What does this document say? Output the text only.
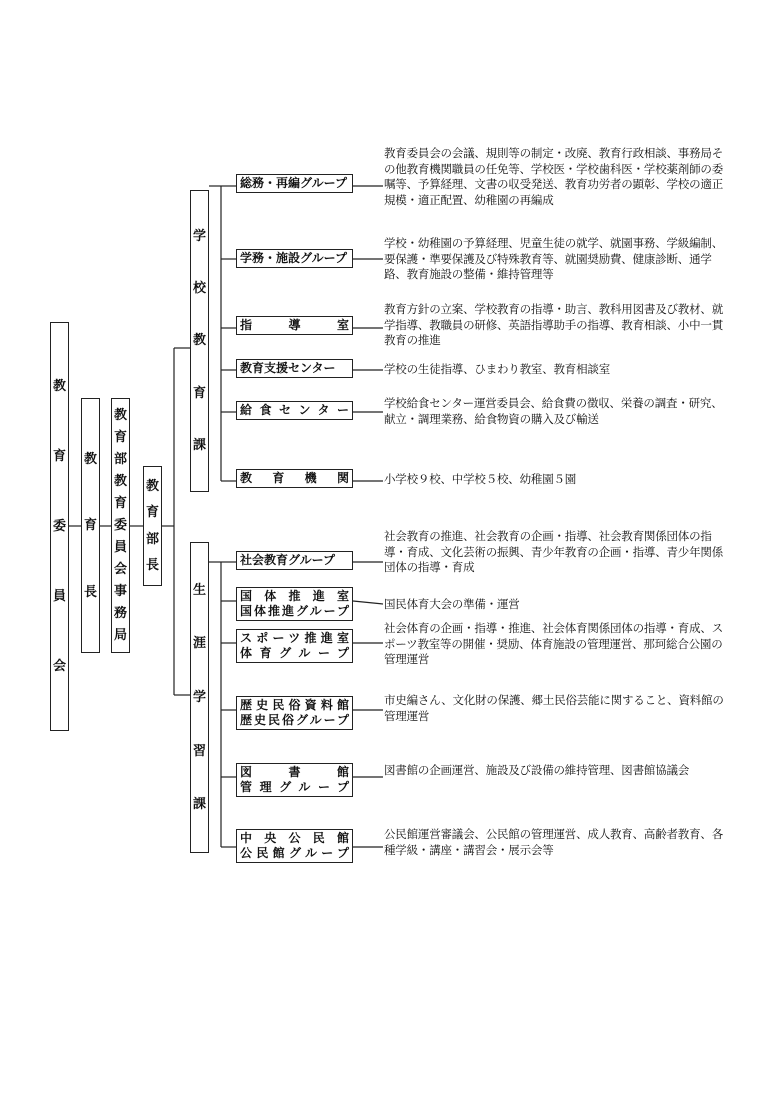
教
育
委
員
会
教
育
長
教
育
部
教
育
委
員
会
事
務
局
教
育
部
長
学
校
教
育
課
生
涯
学
習
課
総務・再編グループ
教育委員会の会議、規則等の制定・改廃、教育行政相談、事務局その他教育機関職員の任免等、学校医・学校歯科医・学校薬剤師の委嘱等、予算経理、文書の収受発送、教育功労者の顕彰、学校の適正規模・適正配置、幼稚園の再編成
学務・施設グループ
学校・幼稚園の予算経理、児童生徒の就学、就園事務、学級編制、要保護・準要保護及び特殊教育等、就園奨励費、健康診断、通学路、教育施設の整備・維持管理等
指導室
教育方針の立案、学校教育の指導・助言、教科用図書及び教材、就学指導、教職員の研修、英語指導助手の指導、教育相談、小中一貫教育の推進
教育支援センター	学校の生徒指導、ひまわり教室、教育相談室
給食センター	学校給食センター運営委員会、給食費の徴収、栄養の調査・研究、献立・調理業務、給食物資の購入及び輸送
教育機関	小学校９校、中学校５校、幼稚園５園
社会教育グループ
社会教育の推進、社会教育の企画・指導、社会教育関係団体の指導・育成、文化芸術の振興、青少年教育の企画・指導、青少年関係団体の指導・育成
国体推進室
国体推進グループ	国民体育大会の準備・運営
スポーツ推進室
体育グループ
社会体育の企画・指導・推進、社会体育関係団体の指導・育成、スポーツ教室等の開催・奨励、体育施設の管理運営、那珂総合公園の管理運営
歴史民俗資料館
歴史民俗グループ
市史編さん、文化財の保護、郷土民俗芸能に関すること、資料館の管理運営
図書館
管理グループ
図書館の企画運営、施設及び設備の維持管理、図書館協議会
中央公民館
公民館グループ
公民館運営審議会、公民館の管理運営、成人教育、高齢者教育、各種学級・講座・講習会・展示会等
